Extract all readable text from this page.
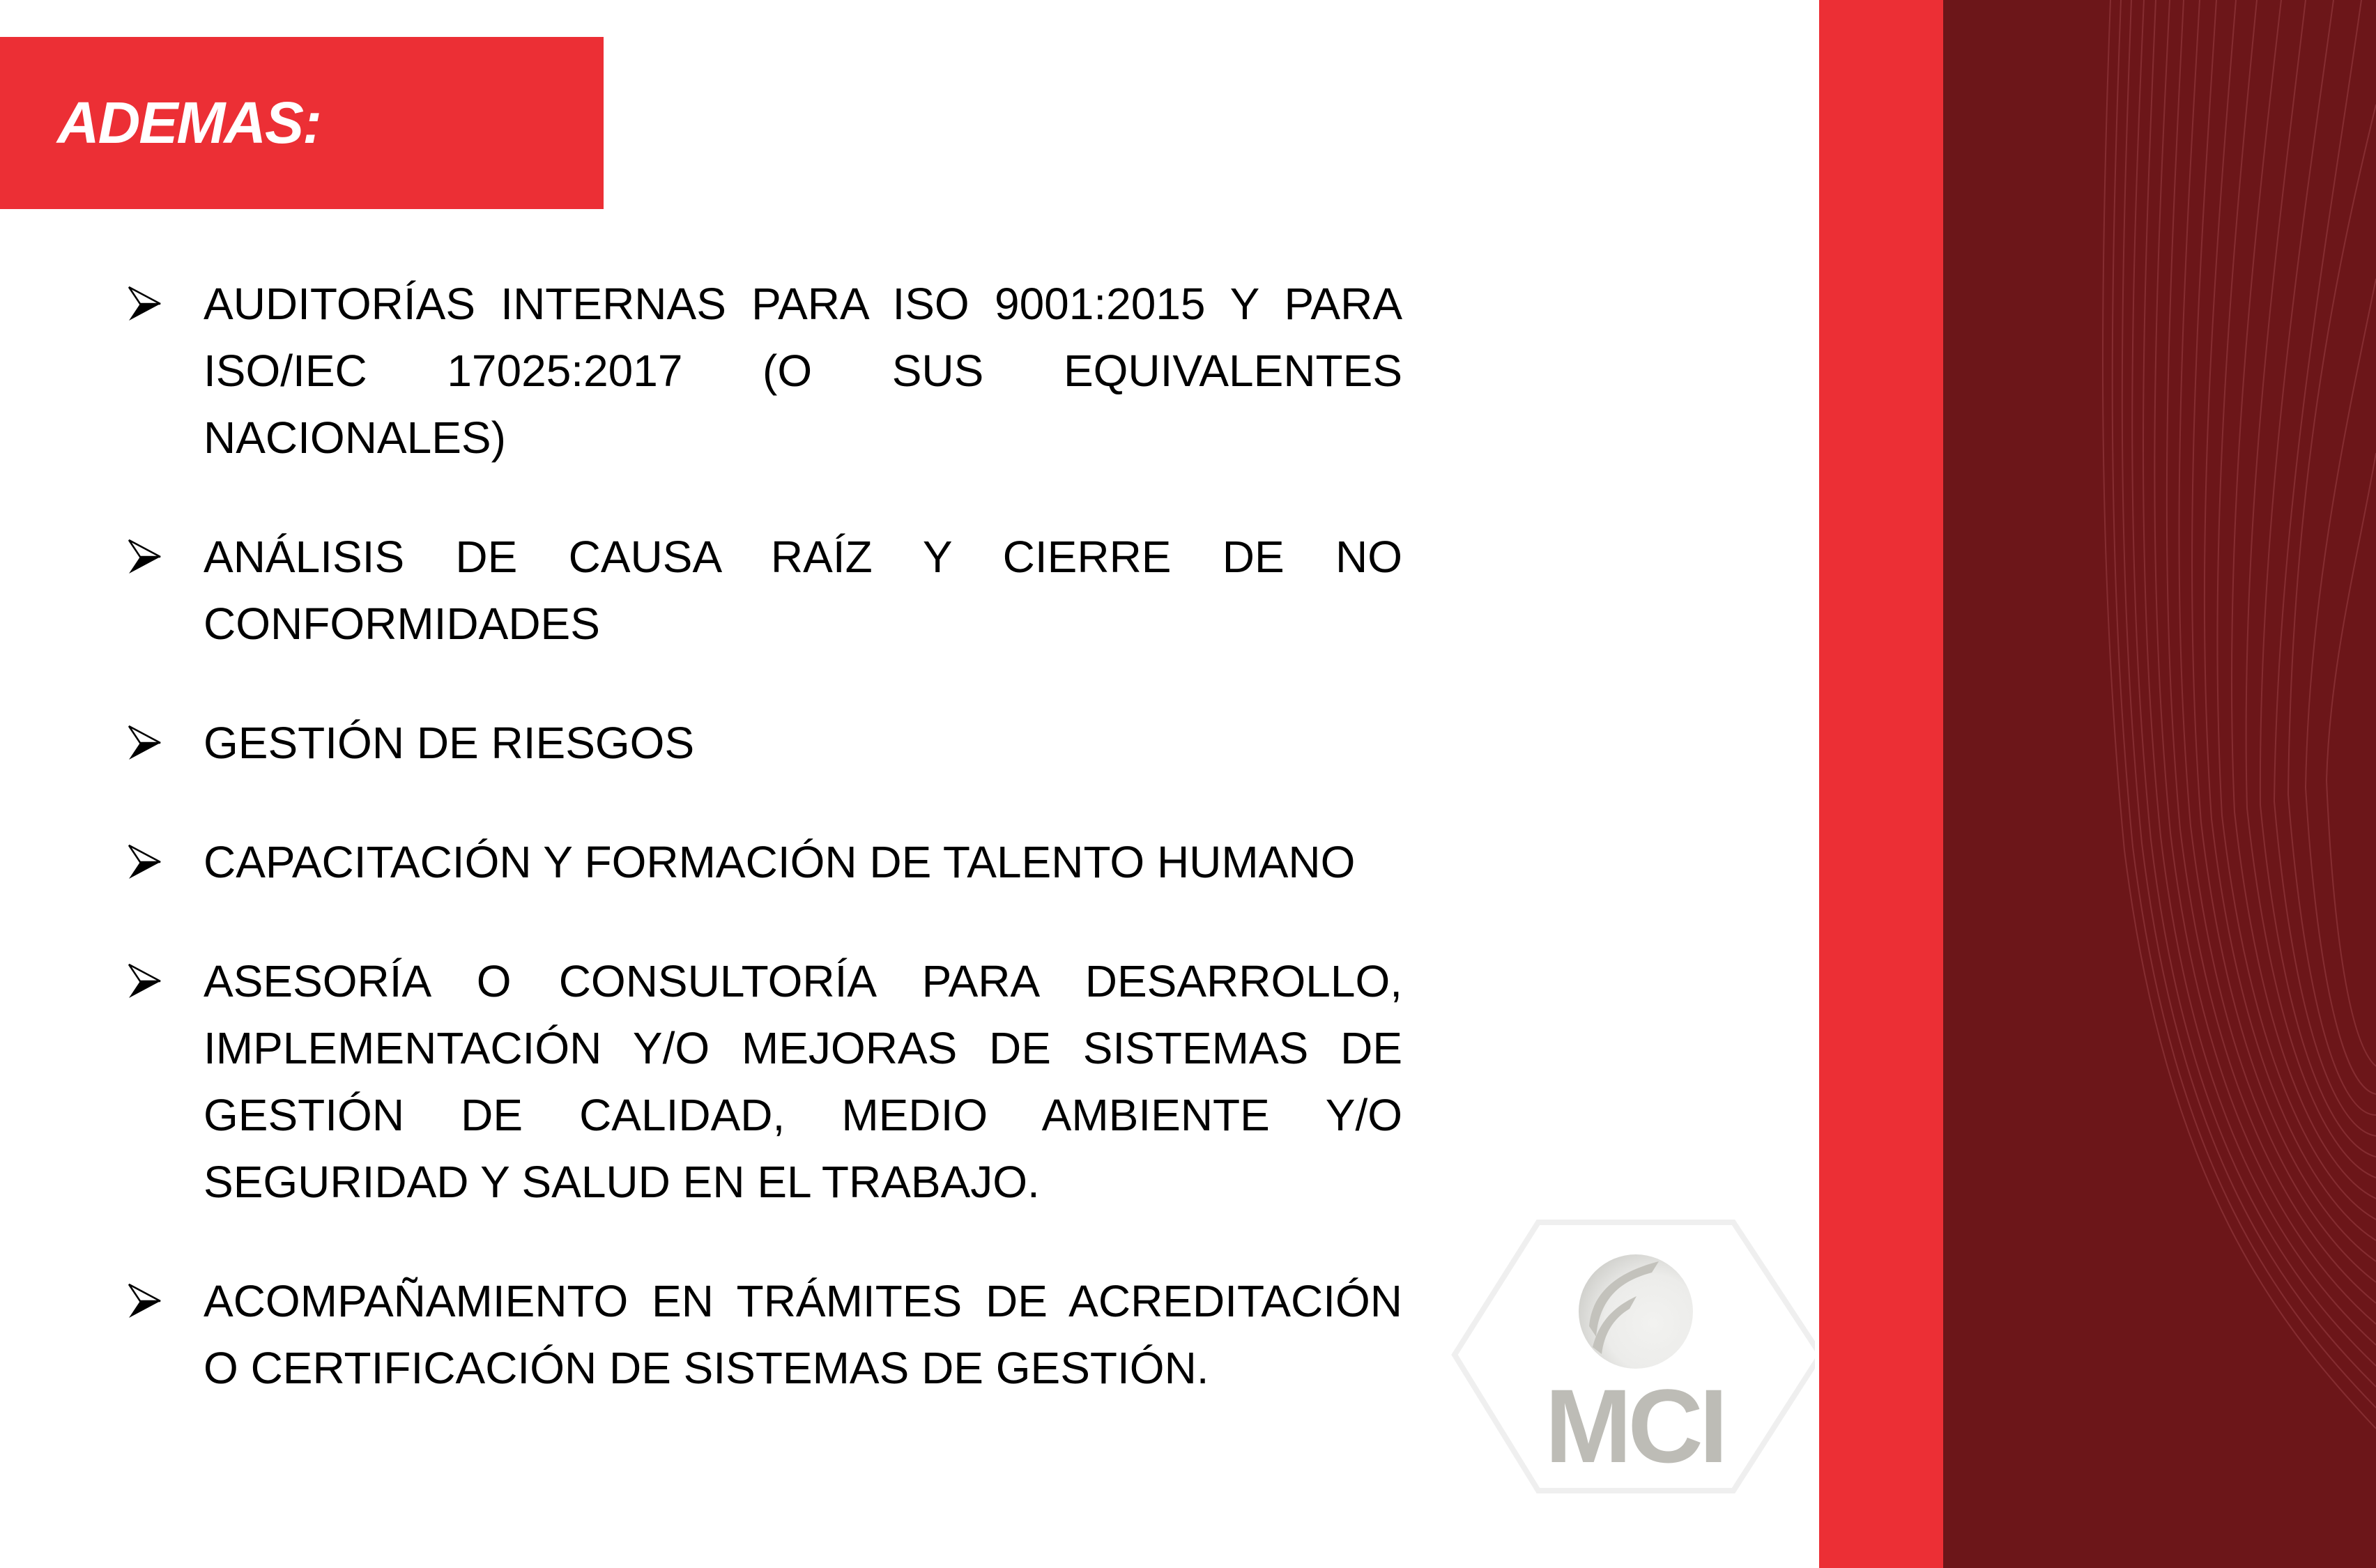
ADEMAS:
AUDITORÍAS INTERNAS PARA ISO 9001:2015 Y PARA ISO/IEC 17025:2017 (O SUS EQUIVALENTES NACIONALES)
ANÁLISIS DE CAUSA RAÍZ Y CIERRE DE NO CONFORMIDADES
GESTIÓN DE RIESGOS
CAPACITACIÓN Y FORMACIÓN DE TALENTO HUMANO
ASESORÍA O CONSULTORÍA PARA DESARROLLO, IMPLEMENTACIÓN Y/O MEJORAS DE SISTEMAS DE GESTIÓN DE CALIDAD, MEDIO AMBIENTE Y/O SEGURIDAD Y SALUD EN EL TRABAJO.
ACOMPAÑAMIENTO EN TRÁMITES DE ACREDITACIÓN O CERTIFICACIÓN DE SISTEMAS DE GESTIÓN.	MCI
